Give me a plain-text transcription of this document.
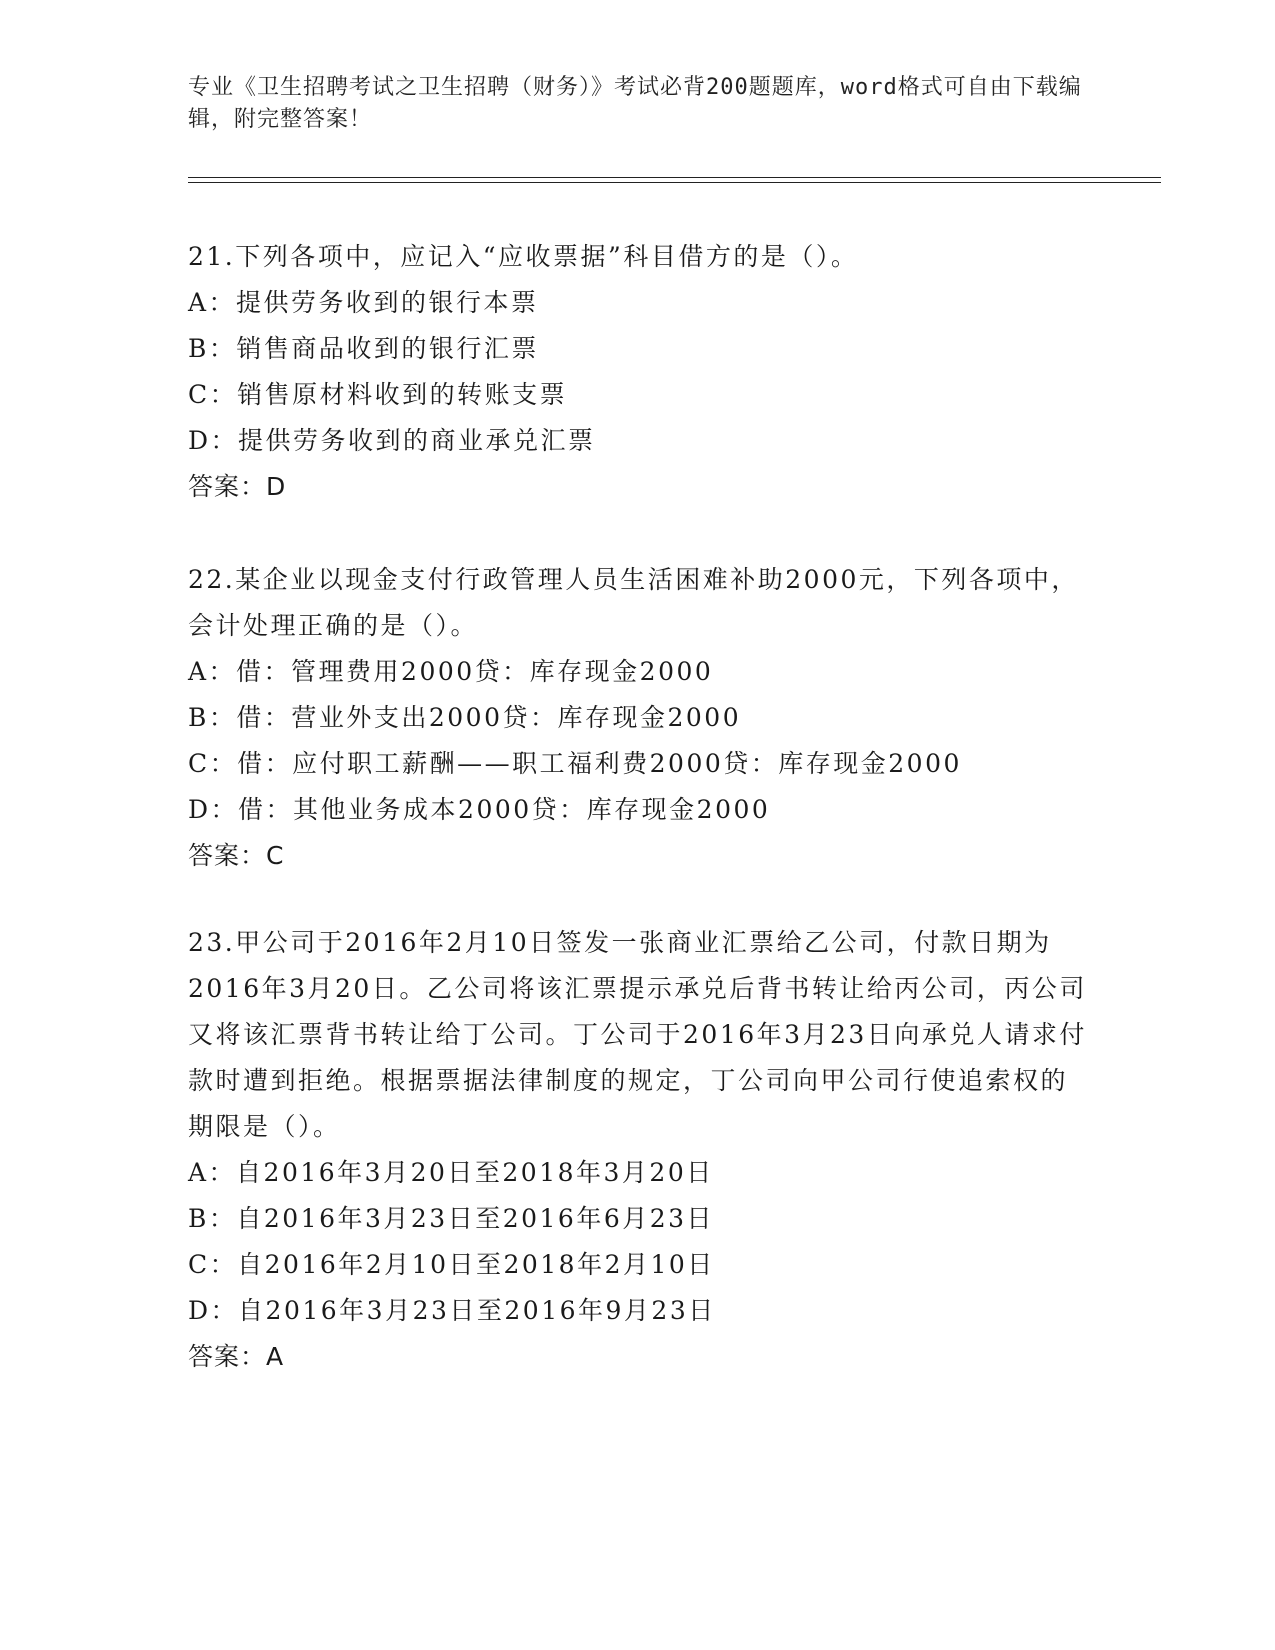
专业《卫生招聘考试之卫生招聘（财务）》考试必背200题题库，word格式可自由下载编辑，附完整答案！

21.下列各项中，应记入“应收票据”科目借方的是（）。

A：提供劳务收到的银行本票

B：销售商品收到的银行汇票

C：销售原材料收到的转账支票

D：提供劳务收到的商业承兑汇票

答案：D

22.某企业以现金支付行政管理人员生活困难补助2000元，下列各项中，会计处理正确的是（）。

A：借：管理费用2000贷：库存现金2000

B：借：营业外支出2000贷：库存现金2000

C：借：应付职工薪酬——职工福利费2000贷：库存现金2000

D：借：其他业务成本2000贷：库存现金2000

答案：C

23.甲公司于2016年2月10日签发一张商业汇票给乙公司，付款日期为2016年3月20日。乙公司将该汇票提示承兑后背书转让给丙公司，丙公司又将该汇票背书转让给丁公司。丁公司于2016年3月23日向承兑人请求付款时遭到拒绝。根据票据法律制度的规定，丁公司向甲公司行使追索权的期限是（）。

A：自2016年3月20日至2018年3月20日

B：自2016年3月23日至2016年6月23日

C：自2016年2月10日至2018年2月10日

D：自2016年3月23日至2016年9月23日

答案：A
